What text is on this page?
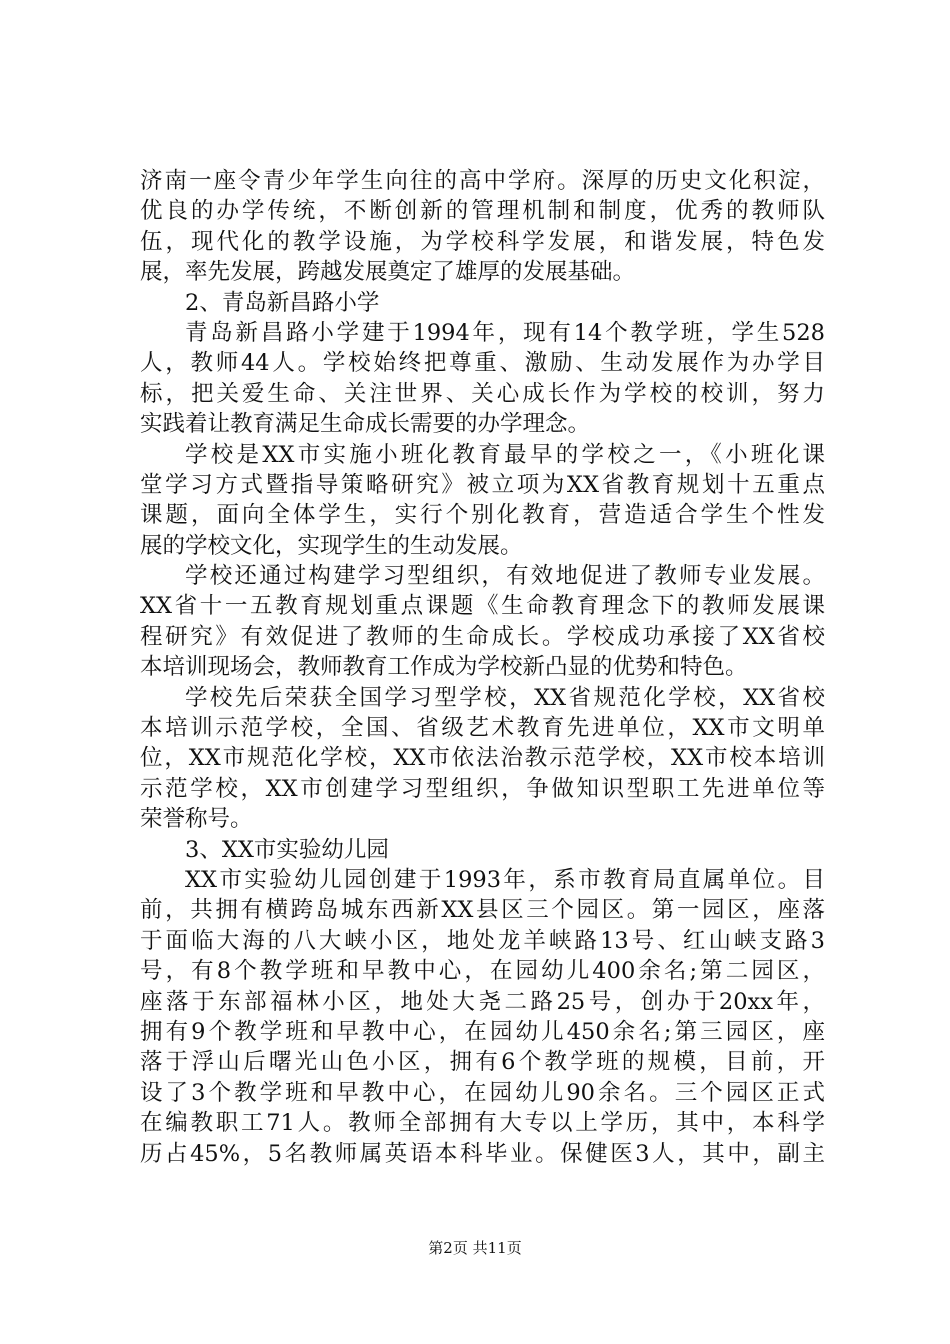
济南一座令青少年学生向往的高中学府。深厚的历史文化积淀，
优良的办学传统，不断创新的管理机制和制度，优秀的教师队
伍，现代化的教学设施，为学校科学发展，和谐发展，特色发
展，率先发展，跨越发展奠定了雄厚的发展基础。
2、青岛新昌路小学
青岛新昌路小学建于1994年，现有14个教学班，学生528
人，教师44人。学校始终把尊重、激励、生动发展作为办学目
标，把关爱生命、关注世界、关心成长作为学校的校训，努力
实践着让教育满足生命成长需要的办学理念。
学校是XX市实施小班化教育最早的学校之一，《小班化课
堂学习方式暨指导策略研究》被立项为XX省教育规划十五重点
课题，面向全体学生，实行个别化教育，营造适合学生个性发
展的学校文化，实现学生的生动发展。
学校还通过构建学习型组织，有效地促进了教师专业发展。
XX省十一五教育规划重点课题《生命教育理念下的教师发展课
程研究》有效促进了教师的生命成长。学校成功承接了XX省校
本培训现场会，教师教育工作成为学校新凸显的优势和特色。
学校先后荣获全国学习型学校，XX省规范化学校，XX省校
本培训示范学校，全国、省级艺术教育先进单位，XX市文明单
位，XX市规范化学校，XX市依法治教示范学校，XX市校本培训
示范学校，XX市创建学习型组织，争做知识型职工先进单位等
荣誉称号。
3、XX市实验幼儿园
XX市实验幼儿园创建于1993年，系市教育局直属单位。目
前，共拥有横跨岛城东西新XX县区三个园区。第一园区，座落
于面临大海的八大峡小区，地处龙羊峡路13号、红山峡支路3
号，有8个教学班和早教中心，在园幼儿400余名;第二园区，
座落于东部福林小区，地处大尧二路25号，创办于20xx年，
拥有9个教学班和早教中心，在园幼儿450余名;第三园区，座
落于浮山后曙光山色小区，拥有6个教学班的规模，目前，开
设了3个教学班和早教中心，在园幼儿90余名。三个园区正式
在编教职工71人。教师全部拥有大专以上学历，其中，本科学
历占45%，5名教师属英语本科毕业。保健医3人，其中，副主
第2页 共11页
